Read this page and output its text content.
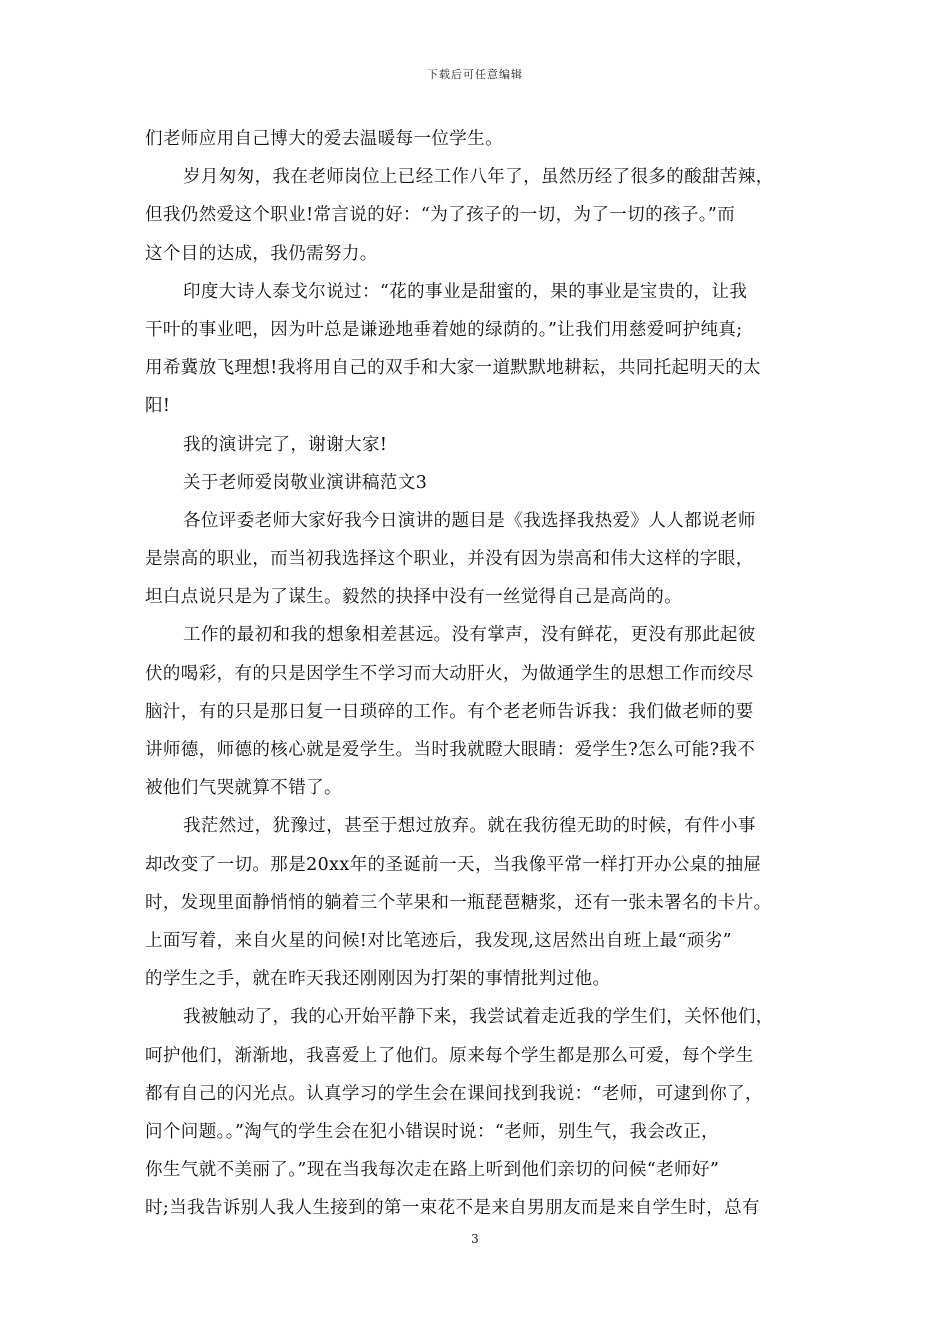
下载后可任意编辑
们老师应用自己博大的爱去温暖每一位学生。
岁月匆匆，我在老师岗位上已经工作八年了，虽然历经了很多的酸甜苦辣，
但我仍然爱这个职业!常言说的好：“为了孩子的一切，为了一切的孩子。”而
这个目的达成，我仍需努力。
印度大诗人泰戈尔说过：“花的事业是甜蜜的，果的事业是宝贵的，让我
干叶的事业吧，因为叶总是谦逊地垂着她的绿荫的。”让我们用慈爱呵护纯真;
用希冀放飞理想!我将用自己的双手和大家一道默默地耕耘，共同托起明天的太
阳!
我的演讲完了，谢谢大家!
关于老师爱岗敬业演讲稿范文3
各位评委老师大家好我今日演讲的题目是《我选择我热爱》人人都说老师
是崇高的职业，而当初我选择这个职业，并没有因为崇高和伟大这样的字眼，
坦白点说只是为了谋生。毅然的抉择中没有一丝觉得自己是高尚的。
工作的最初和我的想象相差甚远。没有掌声，没有鲜花，更没有那此起彼
伏的喝彩，有的只是因学生不学习而大动肝火，为做通学生的思想工作而绞尽
脑汁，有的只是那日复一日琐碎的工作。有个老老师告诉我：我们做老师的要
讲师德，师德的核心就是爱学生。当时我就瞪大眼睛：爱学生?怎么可能?我不
被他们气哭就算不错了。
我茫然过，犹豫过，甚至于想过放弃。就在我彷徨无助的时候，有件小事
却改变了一切。那是20xx年的圣诞前一天，当我像平常一样打开办公桌的抽屉
时，发现里面静悄悄的躺着三个苹果和一瓶琵琶糖浆，还有一张未署名的卡片。
上面写着，来自火星的问候!对比笔迹后，我发现,这居然出自班上最“顽劣”
的学生之手，就在昨天我还刚刚因为打架的事情批判过他。
我被触动了，我的心开始平静下来，我尝试着走近我的学生们，关怀他们，
呵护他们，渐渐地，我喜爱上了他们。原来每个学生都是那么可爱，每个学生
都有自己的闪光点。认真学习的学生会在课间找到我说：“老师，可逮到你了，
问个问题。。”淘气的学生会在犯小错误时说：“老师，别生气，我会改正，
你生气就不美丽了。”现在当我每次走在路上听到他们亲切的问候“老师好”
时;当我告诉别人我人生接到的第一束花不是来自男朋友而是来自学生时，总有
3
